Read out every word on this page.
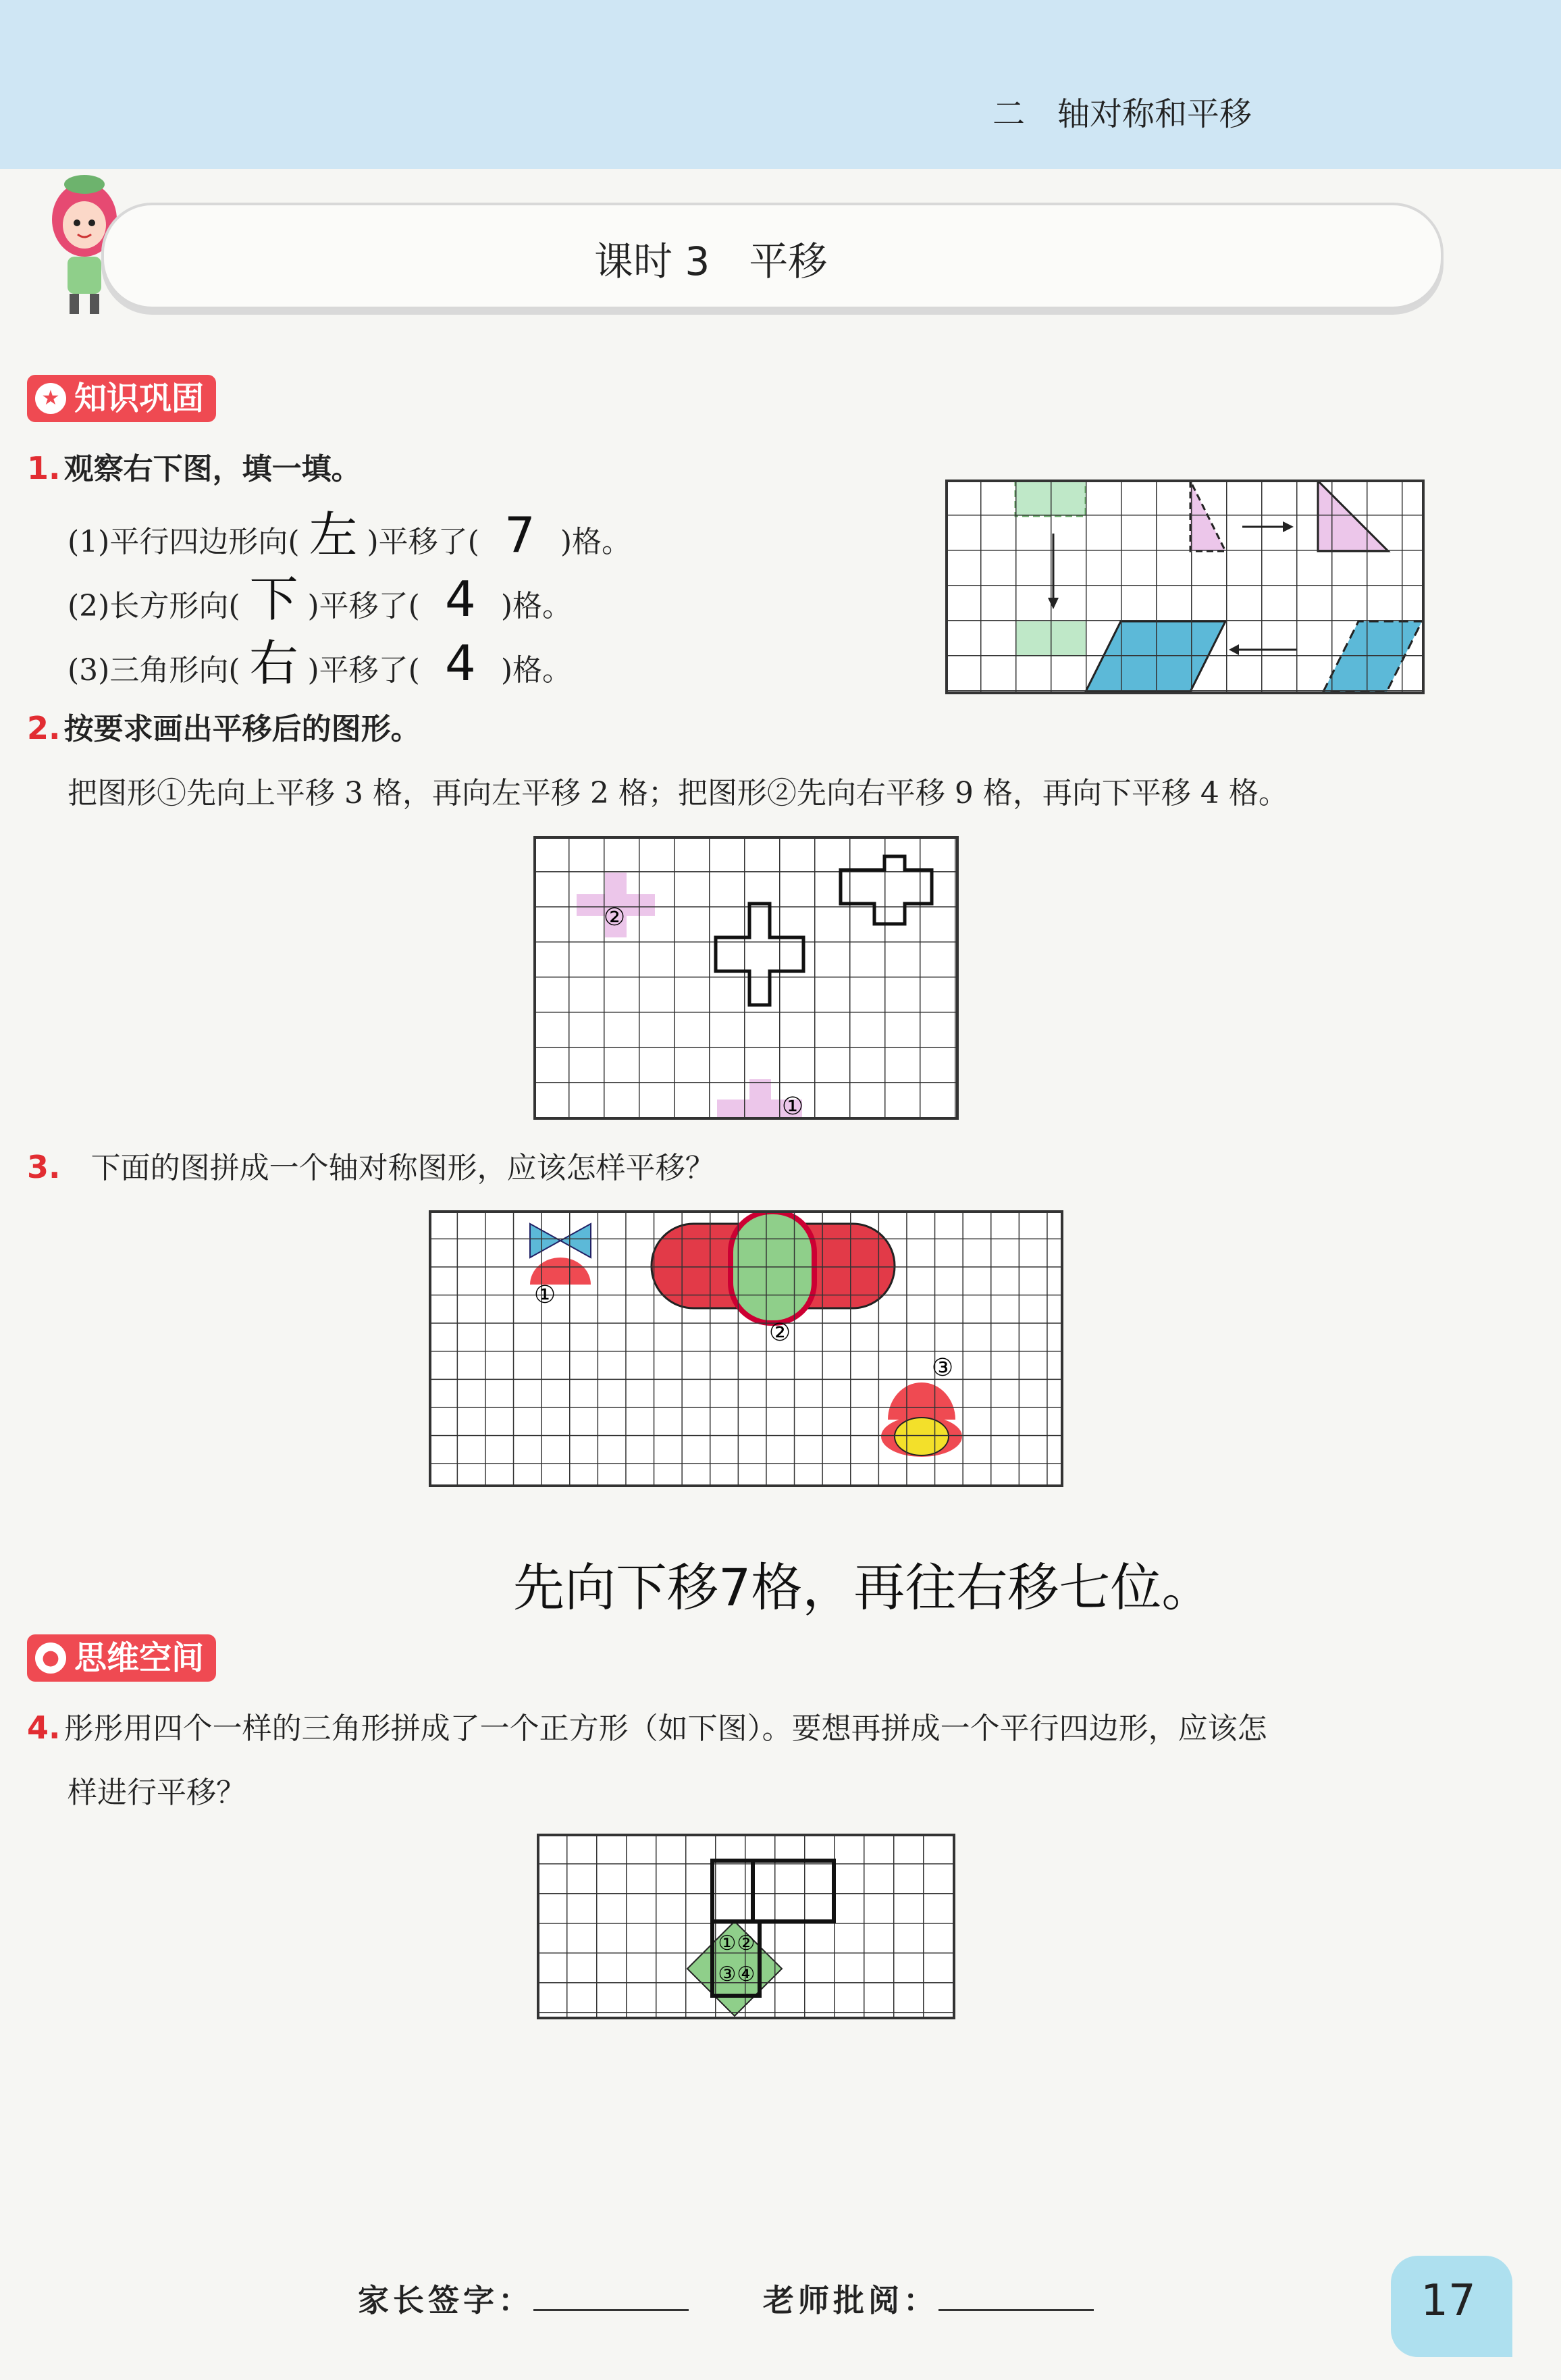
二　轴对称和平移
课时 3　平移
★ 知识巩固
1. 观察右下图，填一填。
(1)平行四边形向( 左 )平移了( 7 )格。
(2)长方形向( 下 )平移了( 4 )格。
(3)三角形向( 右 )平移了( 4 )格。
2. 按要求画出平移后的图形。
把图形①先向上平移 3 格，再向左平移 2 格；把图形②先向右平移 9 格，再向下平移 4 格。
②
①
3. 下面的图拼成一个轴对称图形，应该怎样平移？
①
②
③
先向下移7格，再往右移七位。
● 思维空间
4. 彤彤用四个一样的三角形拼成了一个正方形（如下图）。要想再拼成一个平行四边形，应该怎
样进行平移？
① ②
③ ④
家长签字：	老师批阅：	17
